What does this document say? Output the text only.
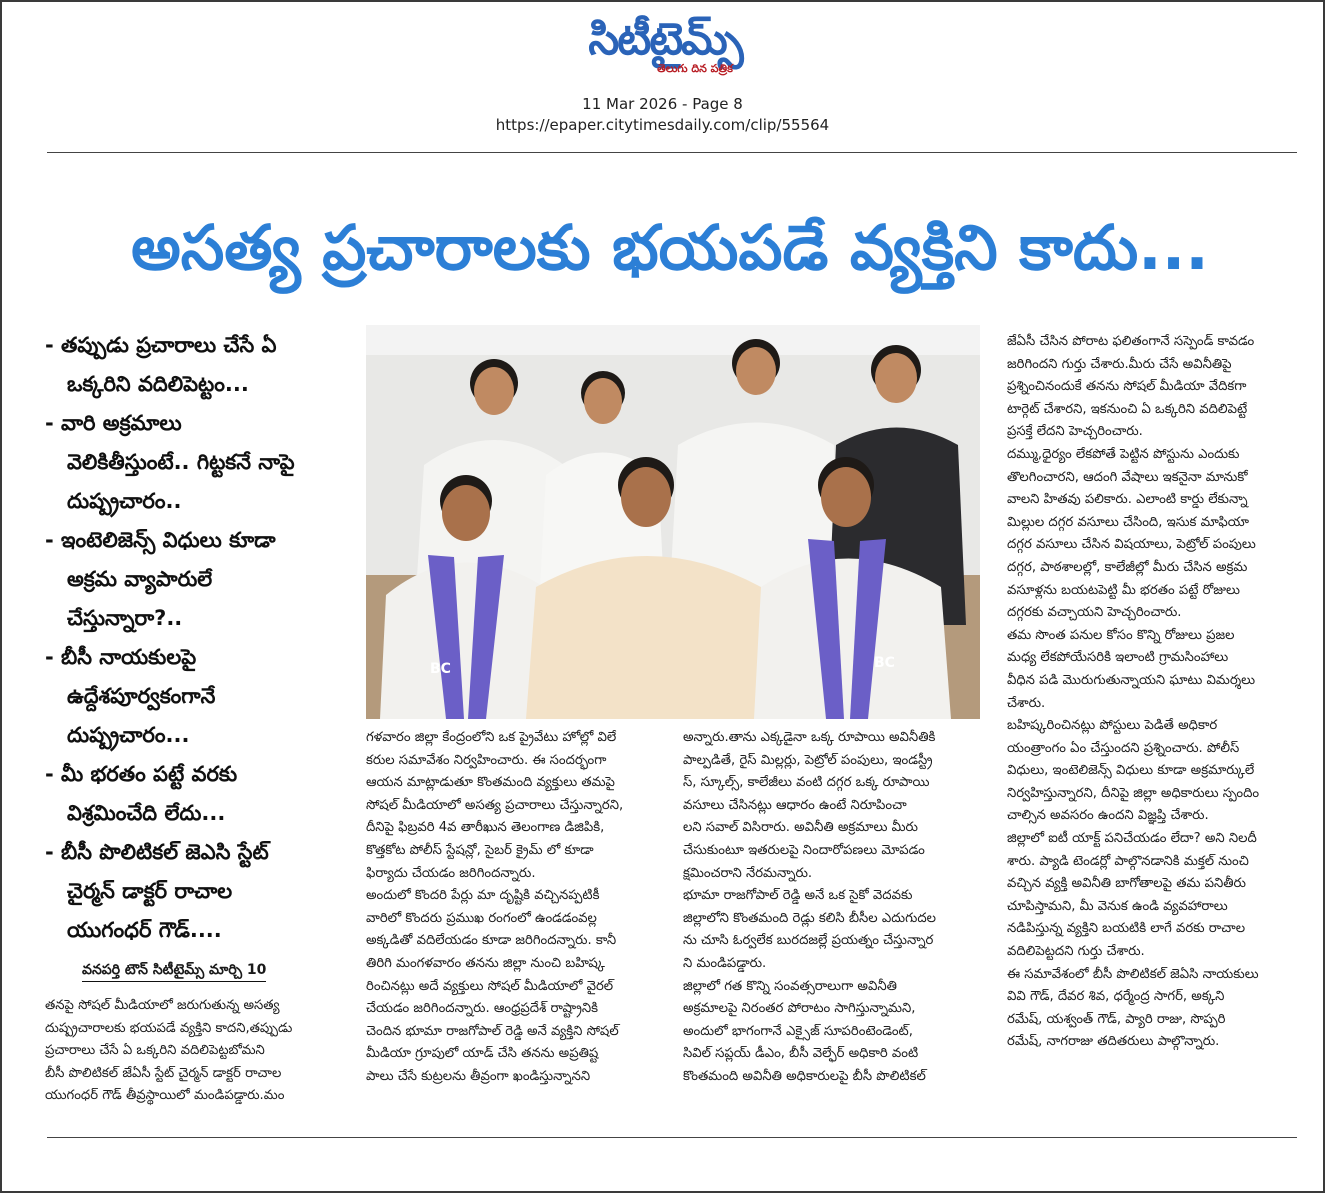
సిటీటైమ్స్
తెలుగు దిన పత్రిక
11 Mar 2026 - Page 8
https://epaper.citytimesdaily.com/clip/55564
అసత్య ప్రచారాలకు భయపడే వ్యక్తిని కాదు...
- తప్పుడు ప్రచారాలు చేసే ఏ
ఒక్కరిని వదిలిపెట్టం...
- వారి అక్రమాలు
వెలికితీస్తుంటే.. గిట్టకనే నాపై
దుష్ప్రచారం..
- ఇంటెలిజెన్స్ విధులు కూడా
అక్రమ వ్యాపారులే
చేస్తున్నారా?..
- బీసీ నాయకులపై
ఉద్దేశపూర్వకంగానే
దుష్ప్రచారం...
- మీ భరతం పట్టే వరకు
విశ్రమించేది లేదు...
- బీసీ పొలిటికల్ జెఎసి స్టేట్
చైర్మన్ డాక్టర్ రాచాల
యుగంధర్ గౌడ్....
వనపర్తి టౌన్ సిటీటైమ్స్ మార్చి 10
తనపై సోషల్ మీడియాలో జరుగుతున్న అసత్య
దుష్ప్రచారాలకు భయపడే వ్యక్తిని కాదని,తప్పుడు
ప్రచారాలు చేసే ఏ ఒక్కరిని వదిలిపెట్టబోమని
బీసీ పొలిటికల్ జేఏసీ స్టేట్ చైర్మన్ డాక్టర్ రాచాల
యుగంధర్ గౌడ్ తీవ్రస్థాయిలో మండిపడ్డారు.మం
BC	BC
గళవారం జిల్లా కేంద్రంలోని ఒక ప్రైవేటు హోల్లో విలే
కరుల సమావేశం నిర్వహించారు. ఈ సందర్భంగా
ఆయన మాట్లాడుతూ కొంతమంది వ్యక్తులు తమపై
సోషల్ మీడియాలో అసత్య ప్రచారాలు చేస్తున్నారని,
దీనిపై ఫిబ్రవరి 4వ తారీఖున తెలంగాణ డిజిపికి,
కొత్తకోట పోలీస్ స్టేషన్లో, సైబర్ క్రైమ్ లో కూడా
ఫిర్యాదు చేయడం జరిగిందన్నారు.
అందులో కొందరి పేర్లు మా దృష్టికి వచ్చినప్పటికీ
వారిలో కొందరు ప్రముఖ రంగంలో ఉండడంవల్ల
అక్కడితో వదిలేయడం కూడా జరిగిందన్నారు. కానీ
తిరిగి మంగళవారం తనను జిల్లా నుంచి బహిష్క
రించినట్లు అదే వ్యక్తులు సోషల్ మీడియాలో వైరల్
చేయడం జరిగిందన్నారు. ఆంధ్రప్రదేశ్ రాష్ట్రానికి
చెందిన భూమా రాజగోపాల్ రెడ్డి అనే వ్యక్తిని సోషల్
మీడియా గ్రూపులో యాడ్ చేసి తనను అప్రతిష్ట
పాలు చేసే కుట్రలను తీవ్రంగా ఖండిస్తున్నానని
అన్నారు.తాను ఎక్కడైనా ఒక్క రూపాయి అవినీతికి
పాల్పడితే, రైస్ మిల్లర్లు, పెట్రోల్ పంపులు, ఇండస్ట్రీ
స్, స్కూల్స్, కాలేజీలు వంటి దగ్గర ఒక్క రూపాయి
వసూలు చేసినట్లు ఆధారం ఉంటే నిరూపించా
లని సవాల్ విసిరారు. అవినీతి అక్రమాలు మీరు
చేసుకుంటూ ఇతరులపై నిందారోపణలు మోపడం
క్షమించరాని నేరమన్నారు.
భూమా రాజగోపాల్ రెడ్డి అనే ఒక సైకో వెదవకు
జిల్లాలోని కొంతమంది రెడ్లు కలిసి బీసీల ఎదుగుదల
ను చూసి ఓర్వలేక బురదజల్లే ప్రయత్నం చేస్తున్నార
ని మండిపడ్డారు.
జిల్లాలో గత కొన్ని సంవత్సరాలుగా అవినీతి
అక్రమాలపై నిరంతర పోరాటం సాగిస్తున్నామని,
అందులో భాగంగానే ఎక్సైజ్ సూపరింటెండెంట్,
సివిల్ సప్లయ్ డీఎం, బీసీ వెల్ఫేర్ అధికారి వంటి
కొంతమంది అవినీతి అధికారులపై బీసీ పొలిటికల్
జేఏసీ చేసిన పోరాట ఫలితంగానే సస్పెండ్ కావడం
జరిగిందని గుర్తు చేశారు.మీరు చేసే అవినీతిపై
ప్రశ్నించినందుకే తనను సోషల్ మీడియా వేదికగా
టార్గెట్ చేశారని, ఇకనుంచి ఏ ఒక్కరిని వదిలిపెట్టే
ప్రసక్తే లేదని హెచ్చరించారు.
దమ్ము,ధైర్యం లేకపోతే పెట్టిన పోస్టును ఎందుకు
తొలగించారని, ఆదంగి వేషాలు ఇకనైనా మానుకో
వాలని హితవు పలికారు. ఎలాంటి కార్డు లేకున్నా
మిల్లుల దగ్గర వసూలు చేసింది, ఇసుక మాఫియా
దగ్గర వసూలు చేసిన విషయాలు, పెట్రోల్ పంపులు
దగ్గర, పాఠశాలల్లో, కాలేజీల్లో మీరు చేసిన అక్రమ
వసూళ్లను బయటపెట్టి మీ భరతం పట్టే రోజులు
దగ్గరకు వచ్చాయని హెచ్చరించారు.
తమ సొంత పనుల కోసం కొన్ని రోజులు ప్రజల
మధ్య లేకపోయేసరికి ఇలాంటి గ్రామసింహాలు
వీధిన పడి మొరుగుతున్నాయని ఘాటు విమర్శలు
చేశారు.
బహిష్కరించినట్లు పోస్టులు పెడితే అధికార
యంత్రాంగం ఏం చేస్తుందని ప్రశ్నించారు. పోలీస్
విధులు, ఇంటెలిజెన్స్ విధులు కూడా అక్రమార్కులే
నిర్వహిస్తున్నారని, దీనిపై జిల్లా అధికారులు స్పందిం
చాల్సిన అవసరం ఉందని విజ్ఞప్తి చేశారు.
జిల్లాలో ఐటీ యాక్ట్ పనిచేయడం లేదా? అని నిలదీ
శారు. ప్యాడి టెండర్లో పాల్గొనడానికి మక్తల్ నుంచి
వచ్చిన వ్యక్తి అవినీతి బాగోతాలపై తమ పనితీరు
చూపిస్తామని, మీ వెనుక ఉండి వ్యవహారాలు
నడిపిస్తున్న వ్యక్తిని బయటికి లాగే వరకు రాచాల
వదిలిపెట్టదని గుర్తు చేశారు.
ఈ సమావేశంలో బీసీ పొలిటికల్ జెఏసి నాయకులు
వివి గౌడ్, దేవర శివ, ధర్మేంద్ర సాగర్, అక్కని
రమేష్, యశ్వంత్ గౌడ్, ప్యారి రాజు, సొప్పరి
రమేష్, నాగరాజు తదితరులు పాల్గొన్నారు.
